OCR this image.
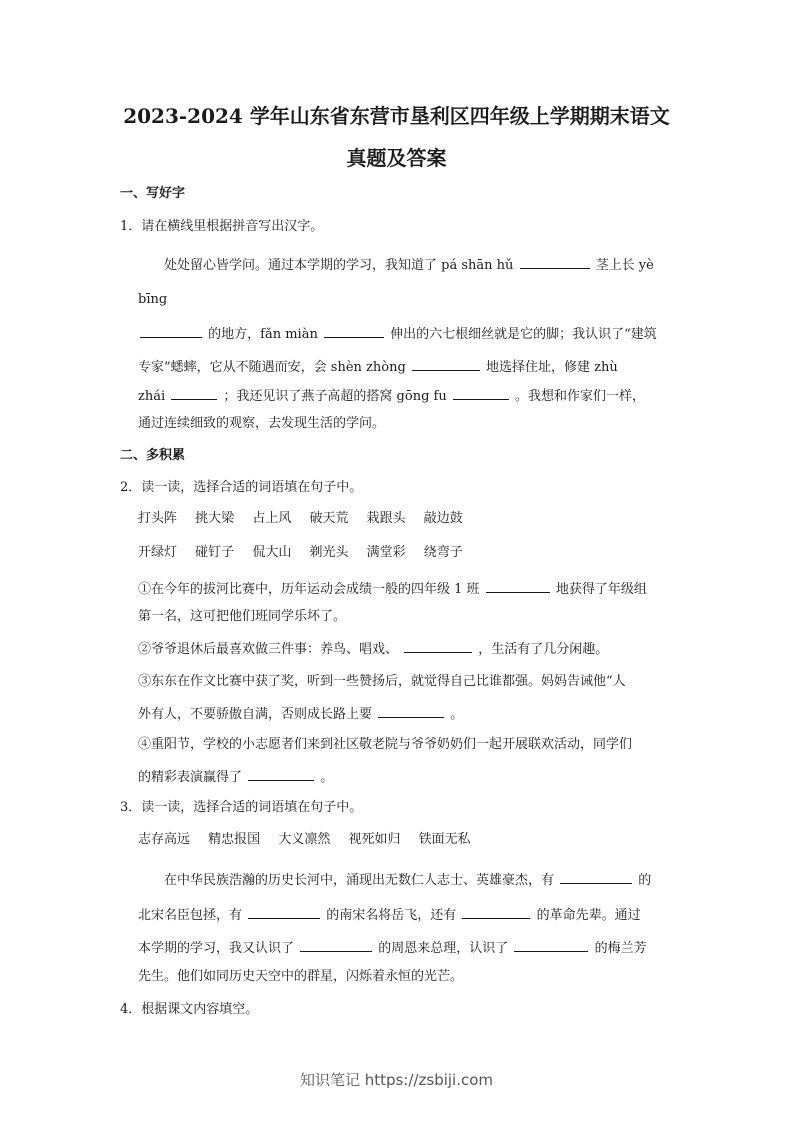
2023-2024 学年山东省东营市垦利区四年级上学期期末语文
真题及答案
一、写好字
1．请在横线里根据拼音写出汉字。
处处留心皆学问。通过本学期的学习，我知道了 pá shān hǔ	茎上长 yè
bīng
的地方，fǎn miàn	伸出的六七根细丝就是它的脚；我认识了“建筑
专家”蟋蟀，它从不随遇而安，会 shèn zhòng	地选择住址，修建 zhù
zhái	；我还见识了燕子高超的搭窝 gōng fu	。我想和作家们一样，
通过连续细致的观察，去发现生活的学问。
二、多积累
2．读一读，选择合适的词语填在句子中。
打头阵 挑大梁 占上风 破天荒 栽跟头 敲边鼓
开绿灯 碰钉子 侃大山 剃光头 满堂彩 绕弯子
①在今年的拔河比赛中，历年运动会成绩一般的四年级 1 班	地获得了年级组
第一名，这可把他们班同学乐坏了。
②爷爷退休后最喜欢做三件事：养鸟、唱戏、	，生活有了几分闲趣。
③东东在作文比赛中获了奖，听到一些赞扬后，就觉得自己比谁都强。妈妈告诫他“人
外有人，不要骄傲自满，否则成长路上要	。
④重阳节，学校的小志愿者们来到社区敬老院与爷爷奶奶们一起开展联欢活动，同学们
的精彩表演赢得了	。
3．读一读，选择合适的词语填在句子中。
志存高远 精忠报国 大义凛然 视死如归 铁面无私
在中华民族浩瀚的历史长河中，涌现出无数仁人志士、英雄豪杰，有	的
北宋名臣包拯，有	的南宋名将岳飞，还有	的革命先辈。通过
本学期的学习，我又认识了	的周恩来总理，认识了	的梅兰芳
先生。他们如同历史天空中的群星，闪烁着永恒的光芒。
4．根据课文内容填空。
知识笔记 https://zsbiji.com
